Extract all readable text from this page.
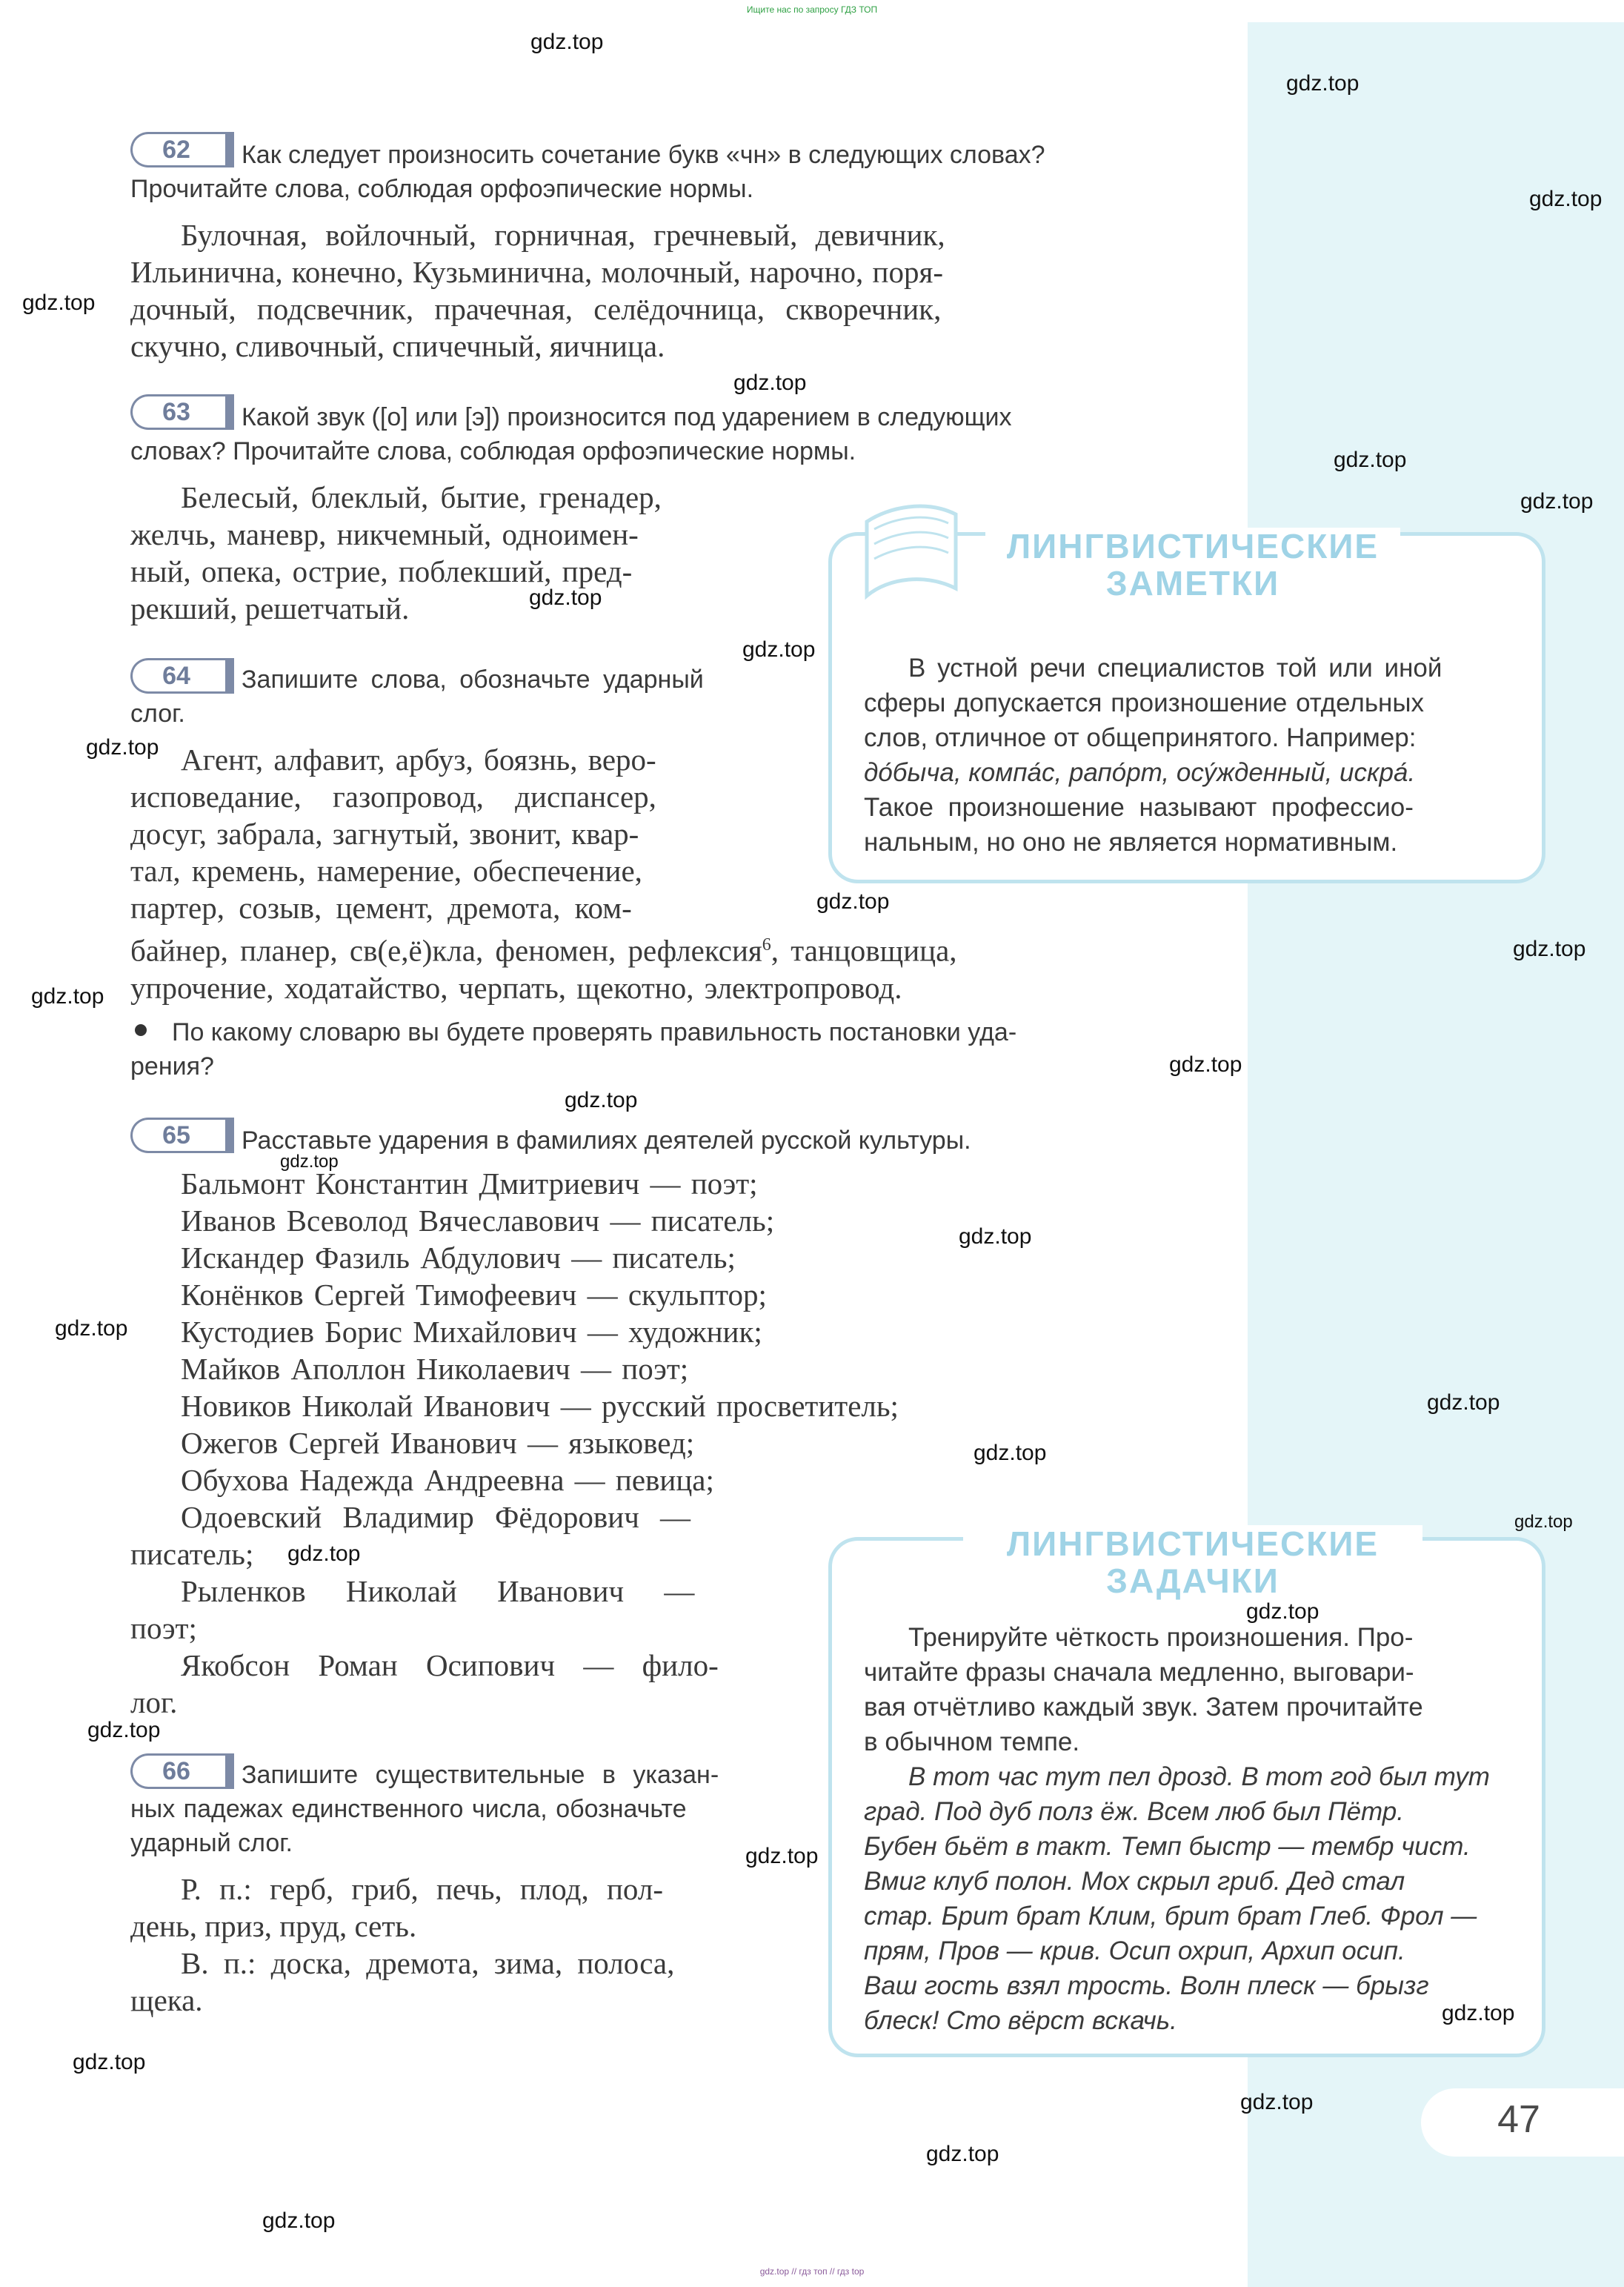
Ищите нас по запросу ГДЗ ТОП
62	Как следует произносить сочетание букв «чн» в следующих словах?
Прочитайте слова, соблюдая орфоэпические нормы.
Булочная, войлочный, горничная, гречневый, девичник,
Ильинична, конечно, Кузьминична, молочный, нарочно, поря-
дочный, подсвечник, прачечная, селёдочница, скворечник,
скучно, сливочный, спичечный, яичница.
63	Какой звук ([о] или [э]) произносится под ударением в следующих
словах? Прочитайте слова, соблюдая орфоэпические нормы.
Белесый, блеклый, бытие, гренадер,
желчь, маневр, никчемный, одноимен-
ный, опека, острие, поблекший, пред-
рекший, решетчатый.
64	Запишите слова, обозначьте ударный
слог.
Агент, алфавит, арбуз, боязнь, веро-
исповедание, газопровод, диспансер,
досуг, забрала, загнутый, звонит, квар-
тал, кремень, намерение, обеспечение,
партер, созыв, цемент, дремота, ком-
байнер, планер, св(е,ё)кла, феномен, рефлексия$^6$, танцовщица,
упрочение, ходатайство, черпать, щекотно, электропровод.
По какому словарю вы будете проверять правильность постановки уда-
рения?
65	Расставьте ударения в фамилиях деятелей русской культуры.
Бальмонт Константин Дмитриевич — поэт;
Иванов Всеволод Вячеславович — писатель;
Искандер Фазиль Абдулович — писатель;
Конёнков Сергей Тимофеевич — скульптор;
Кустодиев Борис Михайлович — художник;
Майков Аполлон Николаевич — поэт;
Новиков Николай Иванович — русский просветитель;
Ожегов Сергей Иванович — языковед;
Обухова Надежда Андреевна — певица;
Одоевский Владимир Фёдорович —
писатель;
Рыленков Николай Иванович —
поэт;
Якобсон Роман Осипович — фило-
лог.
66	Запишите существительные в указан-
ных падежах единственного числа, обозначьте
ударный слог.
Р. п.: герб, гриб, печь, плод, пол-
день, приз, пруд, сеть.
В. п.: доска, дремота, зима, полоса,
щека.
ЛИНГВИСТИЧЕСКИЕ
ЗАМЕТКИ
В устной речи специалистов той или иной
сферы допускается произношение отдельных
слов, отличное от общепринятого. Например:
до́быча, компа́с, рапо́рт, осу́жденный, искра́.
Такое произношение называют профессио-
нальным, но оно не является нормативным.
ЛИНГВИСТИЧЕСКИЕ
ЗАДАЧКИ
Тренируйте чёткость произношения. Про-
читайте фразы сначала медленно, выговари-
вая отчётливо каждый звук. Затем прочитайте
в обычном темпе.
В тот час тут пел дрозд. В тот год был тут
град. Под дуб полз ёж. Всем люб был Пётр.
Бубен бьёт в такт. Темп быстр — тембр чист.
Вмиг клуб полон. Мох скрыл гриб. Дед стал
стар. Брит брат Клим, брит брат Глеб. Фрол —
прям, Пров — крив. Осип охрип, Архип осип.
Ваш гость взял трость. Волн плеск — брызг
блеск! Сто вёрст вскачь.
47
gdz.top
gdz.top
gdz.top
gdz.top
gdz.top
gdz.top
gdz.top
gdz.top
gdz.top
gdz.top
gdz.top
gdz.top
gdz.top
gdz.top
gdz.top
gdz.top
gdz.top
gdz.top
gdz.top
gdz.top
gdz.top
gdz.top
gdz.top
gdz.top
gdz.top
gdz.top
gdz.top
gdz.top
gdz.top
gdz.top
gdz.top // гдз топ // гдз top
